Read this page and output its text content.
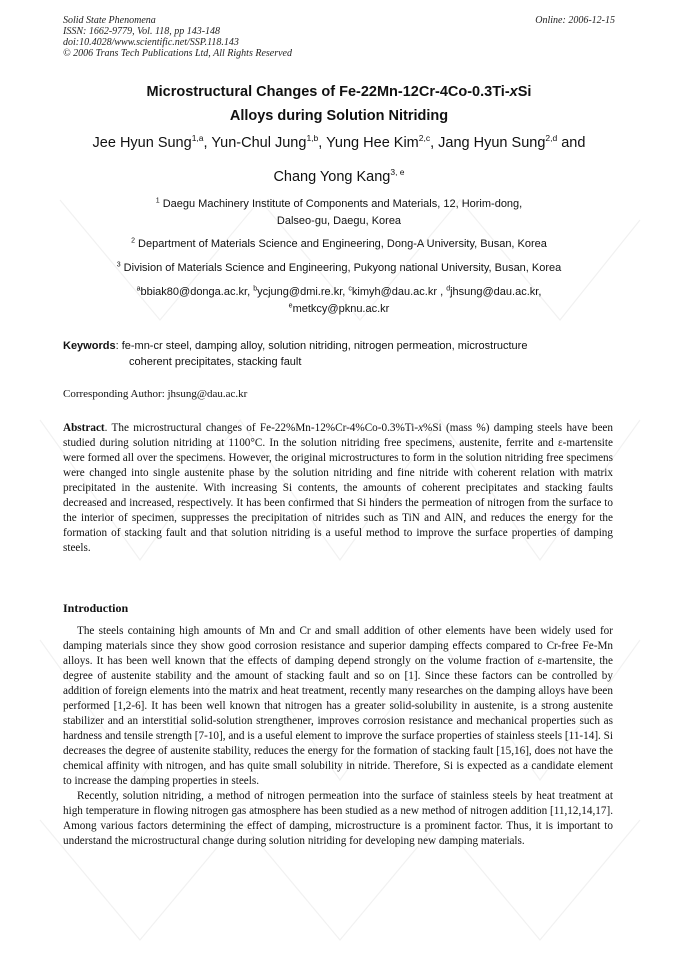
Solid State Phenomena
ISSN: 1662-9779, Vol. 118, pp 143-148
doi:10.4028/www.scientific.net/SSP.118.143
© 2006 Trans Tech Publications Ltd, All Rights Reserved
Online: 2006-12-15
Microstructural Changes of Fe-22Mn-12Cr-4Co-0.3Ti-xSi
Alloys during Solution Nitriding
Jee Hyun Sung$^{1,a}$, Yun-Chul Jung$^{1,b}$, Yung Hee Kim$^{2,c}$, Jang Hyun Sung$^{2,d}$ and
Chang Yong Kang$^{3, e}$
$^1$ Daegu Machinery Institute of Components and Materials, 12, Horim-dong,
Dalseo-gu, Daegu, Korea
$^2$ Department of Materials Science and Engineering, Dong-A University, Busan, Korea
$^3$ Division of Materials Science and Engineering, Pukyong national University, Busan, Korea
$^a$bbiak80@donga.ac.kr, $^b$ycjung@dmi.re.kr, $^c$kimyh@dau.ac.kr , $^d$jhsung@dau.ac.kr,
$^e$metkcy@pknu.ac.kr
Keywords: fe-mn-cr steel, damping alloy, solution nitriding, nitrogen permeation, microstructure
coherent precipitates, stacking fault
Corresponding Author: jhsung@dau.ac.kr
Abstract. The microstructural changes of Fe-22%Mn-12%Cr-4%Co-0.3%Ti-x%Si (mass %) damping steels have been studied during solution nitriding at 1100°C. In the solution nitriding free specimens, austenite, ferrite and ε-martensite were formed all over the specimens. However, the original microstructures to form in the solution nitriding free specimens were changed into single austenite phase by the solution nitriding and fine nitride with coherent relation with matrix precipitated in the austenite. With increasing Si contents, the amounts of coherent precipitates and stacking faults decreased and increased, respectively. It has been confirmed that Si hinders the permeation of nitrogen from the surface to the interior of specimen, suppresses the precipitation of nitrides such as TiN and AlN, and reduces the energy for the formation of stacking fault and that solution nitriding is a useful method to improve the surface properties of damping steels.
Introduction

The steels containing high amounts of Mn and Cr and small addition of other elements have been widely used for damping materials since they show good corrosion resistance and superior damping effects compared to Cr-free Fe-Mn alloys. It has been well known that the effects of damping depend strongly on the volume fraction of ε-martensite, the degree of austenite stability and the amount of stacking fault and so on [1]. Since these factors can be controlled by addition of foreign elements into the matrix and heat treatment, recently many researches on the damping alloys have been performed [1,2-6]. It has been well known that nitrogen has a greater solid-solubility in austenite, is a strong austenite stabilizer and an interstitial solid-solution strengthener, improves corrosion resistance and mechanical properties such as hardness and tensile strength [7-10], and is a useful element to improve the surface properties of stainless steels [11-14]. Si decreases the degree of austenite stability, reduces the energy for the formation of stacking fault [15,16], does not have the chemical affinity with nitrogen, and has quite small solubility in nitride. Therefore, Si is expected as a candidate element to increase the damping properties in steels.

Recently, solution nitriding, a method of nitrogen permeation into the surface of stainless steels by heat treatment at high temperature in flowing nitrogen gas atmosphere has been studied as a new method of nitrogen addition [11,12,14,17]. Among various factors determining the effect of damping, microstructure is a prominent factor. Thus, it is important to understand the microstructural change during solution nitriding for developing new damping materials.
